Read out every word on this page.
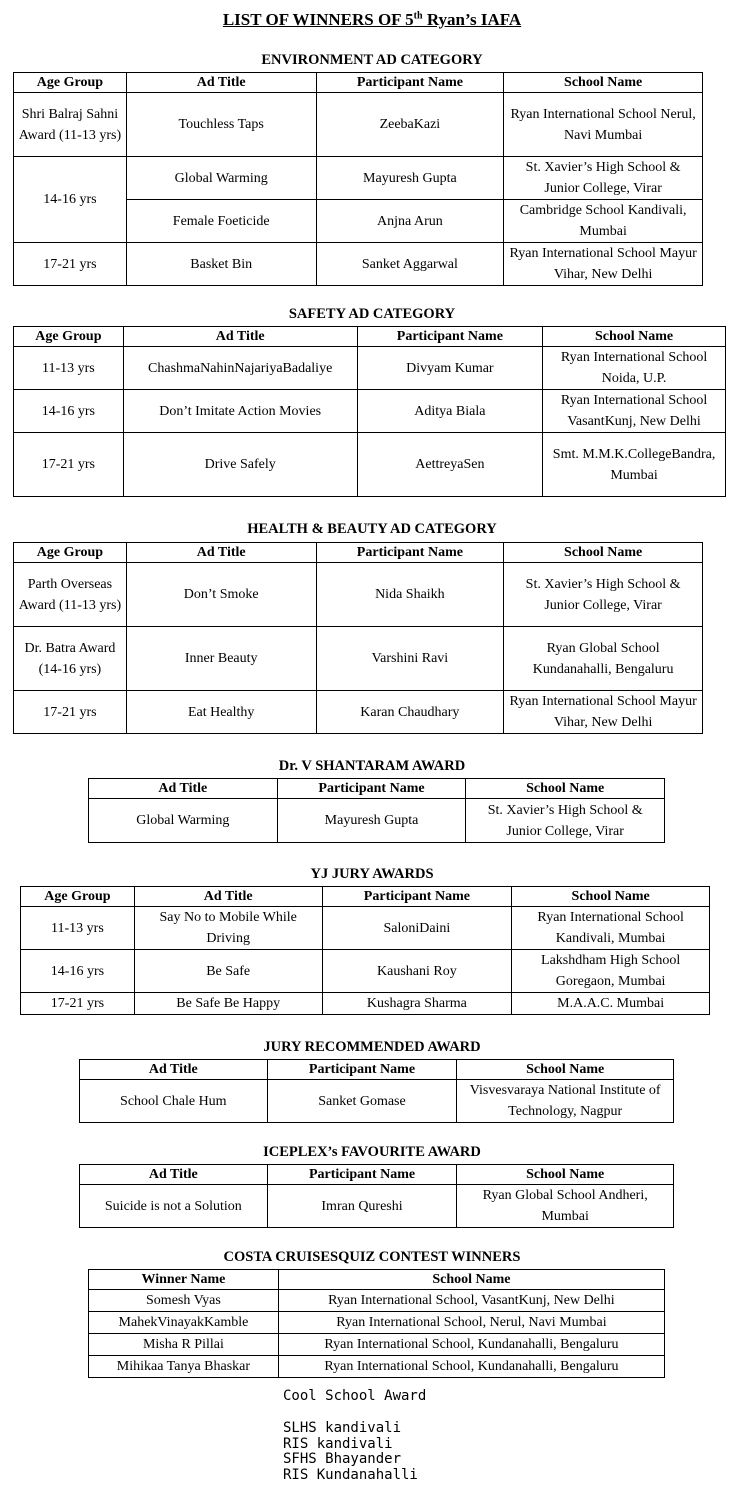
LIST OF WINNERS OF 5th Ryan’s IAFA
ENVIRONMENT AD CATEGORY
Age Group	Ad Title	Participant Name	School Name
Shri Balraj Sahni Award (11-13 yrs)	Touchless Taps	ZeebaKazi	Ryan International School Nerul, Navi Mumbai
14-16 yrs	Global Warming	Mayuresh Gupta	St. Xavier’s High School & Junior College, Virar
	Female Foeticide	Anjna Arun	Cambridge School Kandivali, Mumbai
17-21 yrs	Basket Bin	Sanket Aggarwal	Ryan International School Mayur Vihar, New Delhi
SAFETY AD CATEGORY
Age Group	Ad Title	Participant Name	School Name
11-13 yrs	ChashmaNahinNajariyaBadaliye	Divyam Kumar	Ryan International School Noida, U.P.
14-16 yrs	Don’t Imitate Action Movies	Aditya Biala	Ryan International School VasantKunj, New Delhi
17-21 yrs	Drive Safely	AettreyaSen	Smt. M.M.K.CollegeBandra, Mumbai
HEALTH & BEAUTY AD CATEGORY
Age Group	Ad Title	Participant Name	School Name
Parth Overseas Award (11-13 yrs)	Don’t Smoke	Nida Shaikh	St. Xavier’s High School & Junior College, Virar
Dr. Batra Award (14-16 yrs)	Inner Beauty	Varshini Ravi	Ryan Global School Kundanahalli, Bengaluru
17-21 yrs	Eat Healthy	Karan Chaudhary	Ryan International School Mayur Vihar, New Delhi
Dr. V SHANTARAM AWARD
Ad Title	Participant Name	School Name
Global Warming	Mayuresh Gupta	St. Xavier’s High School & Junior College, Virar
YJ JURY AWARDS
Age Group	Ad Title	Participant Name	School Name
11-13 yrs	Say No to Mobile While Driving	SaloniDaini	Ryan International School Kandivali, Mumbai
14-16 yrs	Be Safe	Kaushani Roy	Lakshdham High School Goregaon, Mumbai
17-21 yrs	Be Safe Be Happy	Kushagra Sharma	M.A.A.C. Mumbai
JURY RECOMMENDED AWARD
Ad Title	Participant Name	School Name
School Chale Hum	Sanket Gomase	Visvesvaraya National Institute of Technology, Nagpur
ICEPLEX’s FAVOURITE AWARD
Ad Title	Participant Name	School Name
Suicide is not a Solution	Imran Qureshi	Ryan Global School Andheri, Mumbai
COSTA CRUISESQUIZ CONTEST WINNERS
Winner Name	School Name
Somesh Vyas	Ryan International School, VasantKunj, New Delhi
MahekVinayakKamble	Ryan International School, Nerul, Navi Mumbai
Misha R Pillai	Ryan International School, Kundanahalli, Bengaluru
Mihikaa Tanya Bhaskar	Ryan International School, Kundanahalli, Bengaluru
Cool School Award
SLHS kandivali
RIS kandivali
SFHS Bhayander
RIS Kundanahalli
